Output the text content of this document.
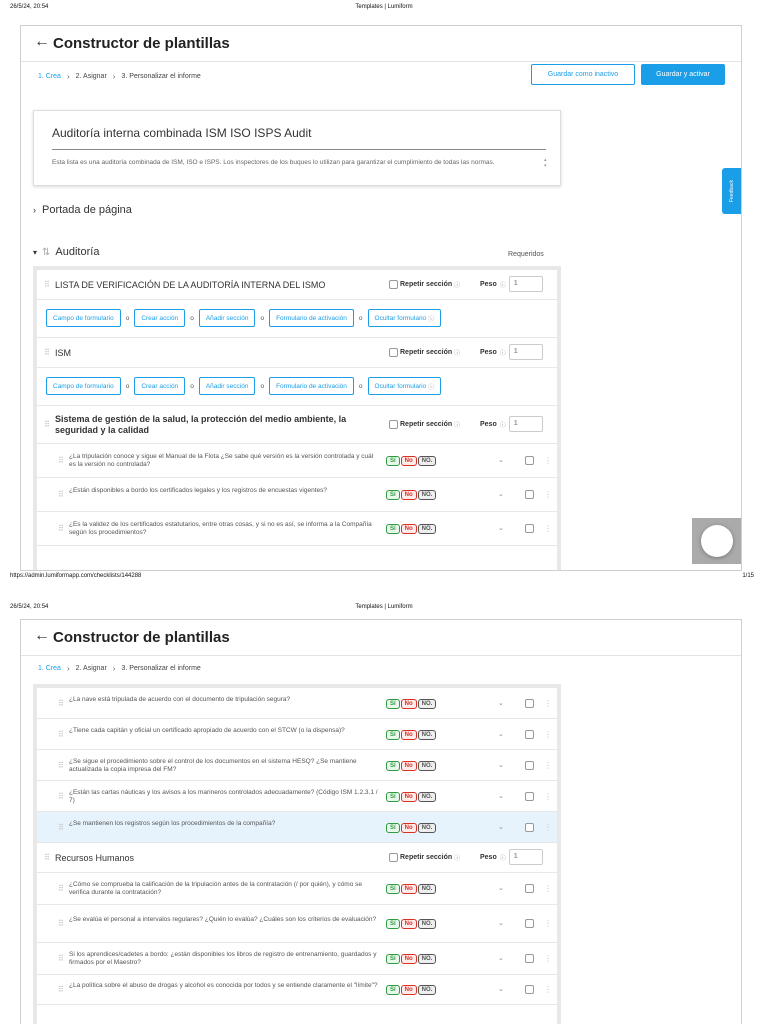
26/5/24, 20:54	Templates | Lumiform
← Constructor de plantillas
1. Crea › 2. Asignar › 3. Personalizar el informe	Guardar como inactivo	Guardar y activar
Auditoría interna combinada ISM ISO ISPS Audit
Esta lista es una auditoría combinada de ISM, ISO e ISPS. Los inspectores de los buques lo utilizan para garantizar el cumplimiento de todas las normas.	▴
▾
Feedback
› Portada de página
▾ ⇅ Auditoría	Requeridos
⠿ LISTA DE VERIFICACIÓN DE LA AUDITORÍA INTERNA DEL ISMO	Repetir sección ⓘ	Peso ⓘ	1
Campo de formulario	o	Crear acción	o	Añadir sección	o	Formulario de activación	o Ocultar formulario
ⓘ
⠿ ISM	Repetir sección ⓘ	Peso ⓘ	1
Campo de formulario	o	Crear acción	o	Añadir sección	o	Formulario de activación	o Ocultar formulario
ⓘ
⠿
Sistema de gestión de la salud, la protección del medio ambiente, la seguridad y la calidad
Repetir sección ⓘ	Peso ⓘ	1
⠿ ¿La tripulación conoce y sigue el Manual de la Flota ¿Se sabe qué versión es la versión controlada y cuál es la versión no controlada?	Sí	No	NO.	⌄	⋮
⠿ ¿Están disponibles a bordo los certificados legales y los registros de encuestas vigentes?
Sí	No	NO.	⌄	⋮
⠿ ¿Es la validez de los certificados estatutarios, entre otras cosas, y si no es así, se informa a la Compañía según los procedimientos?	Sí	No	NO.	⌄	⋮
https://admin.lumiformapp.com/checklists/144288	1/15
26/5/24, 20:54	Templates | Lumiform
← Constructor de plantillas
1. Crea › 2. Asignar › 3. Personalizar el informe
⠿ ¿La nave está tripulada de acuerdo con el documento de tripulación segura?
Sí	No	NO.	⌄	⋮
⠿ ¿Tiene cada capitán y oficial un certificado apropiado de acuerdo con el STCW (o la dispensa)?
Sí	No	NO.	⌄	⋮
⠿ ¿Se sigue el procedimiento sobre el control de los documentos en el sistema HESQ? ¿Se mantiene actualizada la copia impresa del FM?	Sí	No	NO.	⌄	⋮
⠿ ¿Están las cartas náuticas y los avisos a los marineros controlados adecuadamente? (Código ISM 1.2.3.1 / 7)	Sí	No	NO.	⌄	⋮
⠿ ¿Se mantienen los registros según los procedimientos de la compañía?
Sí	No	NO.	⌄	⋮
⠿ Recursos Humanos	Repetir sección ⓘ	Peso ⓘ	1
⠿ ¿Cómo se comprueba la calificación de la tripulación antes de la contratación (/ por quién), y cómo se verifica durante la contratación?	Sí	No	NO.	⌄	⋮
⠿ ¿Se evalúa el personal a intervalos regulares? ¿Quién lo evalúa? ¿Cuáles son los criterios de evaluación?
Sí	No	NO.	⌄	⋮
⠿ Si los aprendices/cadetes a bordo: ¿están disponibles los libros de registro de entrenamiento, guardados y firmados por el Maestro?	Sí	No	NO.	⌄	⋮
⠿ ¿La política sobre el abuso de drogas y alcohol es conocida por todos y se entiende claramente el "límite"?
Sí	No	NO.	⌄	⋮
